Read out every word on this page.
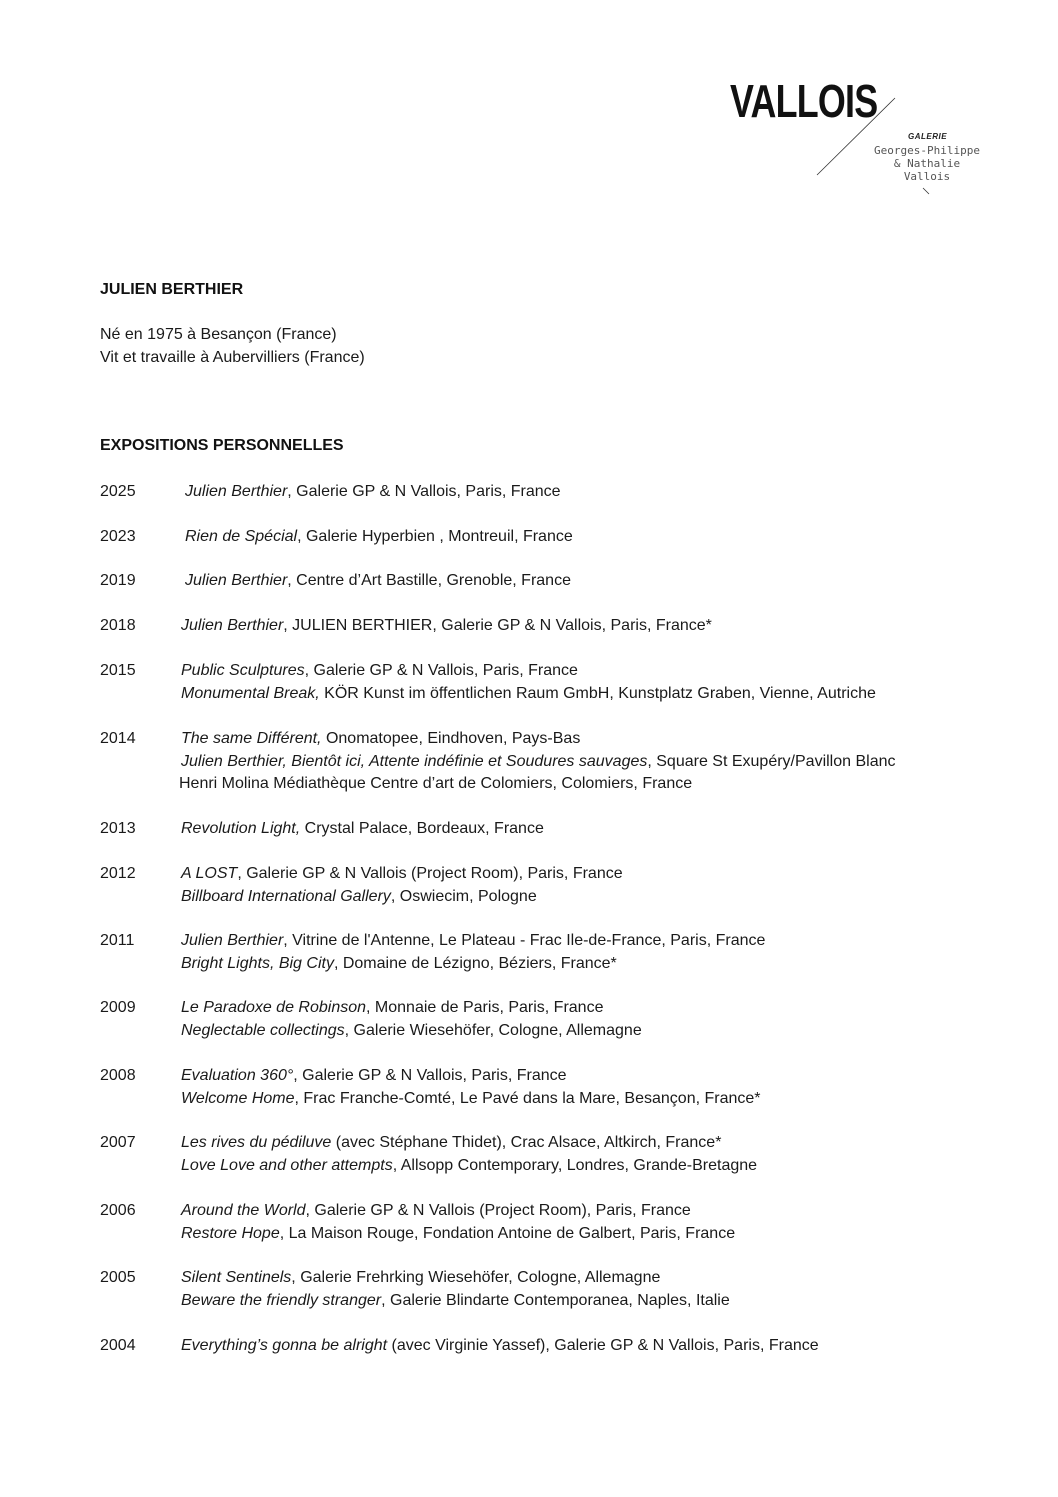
VALLOIS
GALERIE
Georges-Philippe
& Nathalie
Vallois
JULIEN BERTHIER
Né en 1975 à Besançon (France)
Vit et travaille à Aubervilliers (France)
EXPOSITIONS PERSONNELLES
2025	Julien Berthier, Galerie GP & N Vallois, Paris, France
2023	Rien de Spécial, Galerie Hyperbien , Montreuil, France
2019	Julien Berthier, Centre d’Art Bastille, Grenoble, France
2018	Julien Berthier, JULIEN BERTHIER, Galerie GP & N Vallois, Paris, France*
2015	Public Sculptures, Galerie GP & N Vallois, Paris, France
Monumental Break, KÖR Kunst im öffentlichen Raum GmbH, Kunstplatz Graben, Vienne, Autriche
2014	The same Différent, Onomatopee, Eindhoven, Pays-Bas
Julien Berthier, Bientôt ici, Attente indéfinie et Soudures sauvages, Square St Exupéry/Pavillon Blanc
Henri Molina Médiathèque Centre d’art de Colomiers, Colomiers, France
2013	Revolution Light, Crystal Palace, Bordeaux, France
2012	A LOST, Galerie GP & N Vallois (Project Room), Paris, France
Billboard International Gallery, Oswiecim, Pologne
2011	Julien Berthier, Vitrine de l'Antenne, Le Plateau - Frac Ile-de-France, Paris, France
Bright Lights, Big City, Domaine de Lézigno, Béziers, France*
2009	Le Paradoxe de Robinson, Monnaie de Paris, Paris, France
Neglectable collectings, Galerie Wiesehöfer, Cologne, Allemagne
2008	Evaluation 360°, Galerie GP & N Vallois, Paris, France
Welcome Home, Frac Franche-Comté, Le Pavé dans la Mare, Besançon, France*
2007	Les rives du pédiluve (avec Stéphane Thidet), Crac Alsace, Altkirch, France*
Love Love and other attempts, Allsopp Contemporary, Londres, Grande-Bretagne
2006	Around the World, Galerie GP & N Vallois (Project Room), Paris, France
Restore Hope, La Maison Rouge, Fondation Antoine de Galbert, Paris, France
2005	Silent Sentinels, Galerie Frehrking Wiesehöfer, Cologne, Allemagne
Beware the friendly stranger, Galerie Blindarte Contemporanea, Naples, Italie
2004	Everything’s gonna be alright (avec Virginie Yassef), Galerie GP & N Vallois, Paris, France
